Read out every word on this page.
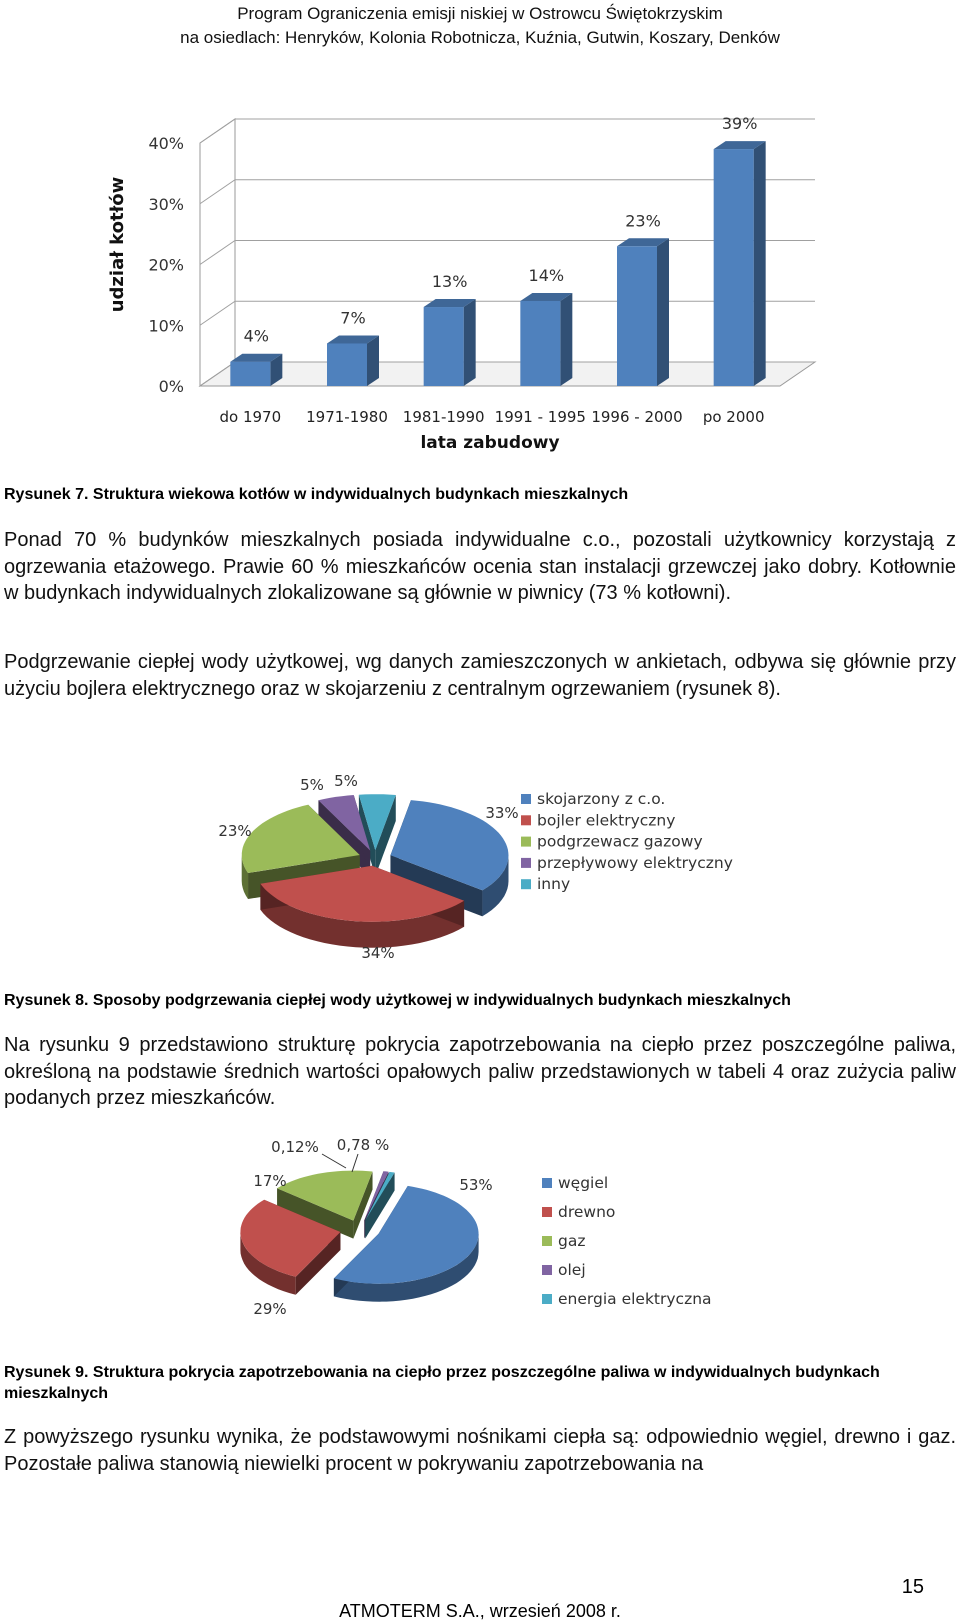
Program Ograniczenia emisji niskiej w Ostrowcu Świętokrzyskim
na osiedlach: Henryków, Kolonia Robotnicza, Kuźnia, Gutwin, Koszary, Denków
0%
10%
20%
30%
40%
udział kotłów
4%
do 1970
7%
1971-1980
13%
1981-1990
14%
1991 - 1995
23%
1996 - 2000
39%
po 2000
lata zabudowy
Rysunek 7. Struktura wiekowa kotłów w indywidualnych budynkach mieszkalnych
Ponad 70 % budynków mieszkalnych posiada indywidualne c.o., pozostali użytkownicy korzystają z ogrzewania etażowego. Prawie 60 % mieszkańców ocenia stan instalacji grzewczej jako dobry. Kotłownie w budynkach indywidualnych zlokalizowane są głównie w piwnicy (73 % kotłowni).
Podgrzewanie ciepłej wody użytkowej, wg danych zamieszczonych w ankietach, odbywa się głównie przy użyciu bojlera elektrycznego oraz w skojarzeniu z centralnym ogrzewaniem (rysunek 8).
33%
34%
23%
5% 5%
skojarzony z c.o.
bojler elektryczny
podgrzewacz gazowy
przepływowy elektryczny
inny
Rysunek 8. Sposoby podgrzewania ciepłej wody użytkowej w indywidualnych budynkach mieszkalnych
Na rysunku 9 przedstawiono strukturę pokrycia zapotrzebowania na ciepło przez poszczególne paliwa, określoną na podstawie średnich wartości opałowych paliw przedstawionych w tabeli 4 oraz zużycia paliw podanych przez mieszkańców.
53%
29%
17%
0,12% 0,78 %
węgiel
drewno
gaz
olej
energia elektryczna
Rysunek 9. Struktura pokrycia zapotrzebowania na ciepło przez poszczególne paliwa w indywidualnych budynkach mieszkalnych
Z powyższego rysunku wynika, że podstawowymi nośnikami ciepła są: odpowiednio węgiel, drewno i gaz. Pozostałe paliwa stanowią niewielki procent w pokrywaniu zapotrzebowania na
15
ATMOTERM S.A., wrzesień 2008 r.
